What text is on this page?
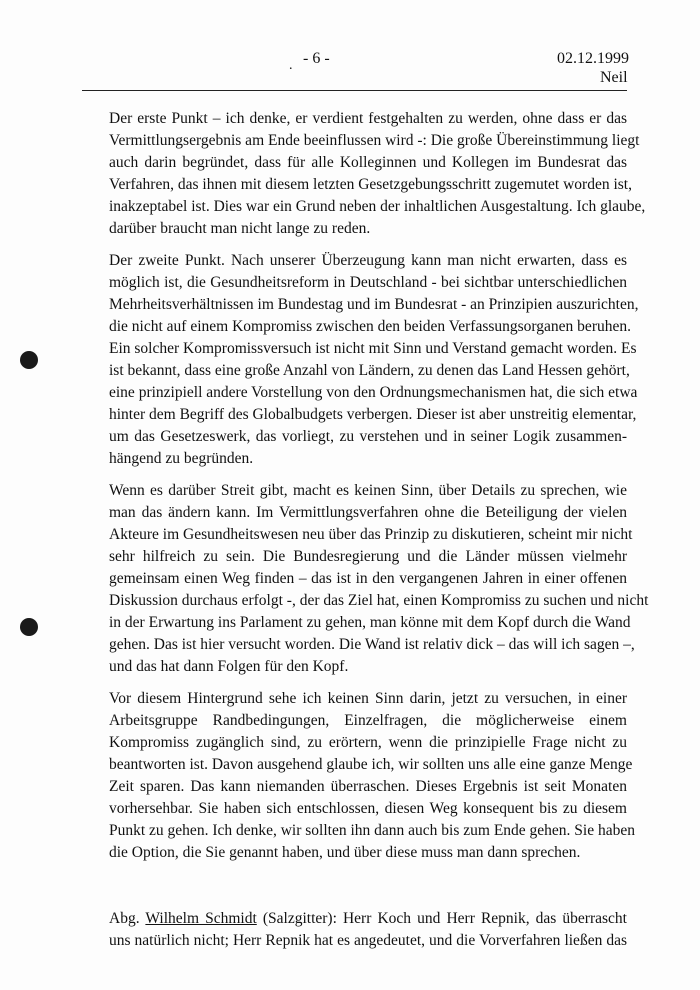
. - 6 -	02.12.1999
Neil

Der erste Punkt – ich denke, er verdient festgehalten zu werden, ohne dass er das
Vermittlungsergebnis am Ende beeinflussen wird -: Die große Übereinstimmung liegt
auch darin begründet, dass für alle Kolleginnen und Kollegen im Bundesrat das
Verfahren, das ihnen mit diesem letzten Gesetzgebungsschritt zugemutet worden ist,
inakzeptabel ist. Dies war ein Grund neben der inhaltlichen Ausgestaltung. Ich glaube,
darüber braucht man nicht lange zu reden.

Der zweite Punkt. Nach unserer Überzeugung kann man nicht erwarten, dass es
möglich ist, die Gesundheitsreform in Deutschland - bei sichtbar unterschiedlichen
Mehrheitsverhältnissen im Bundestag und im Bundesrat - an Prinzipien auszurichten,
die nicht auf einem Kompromiss zwischen den beiden Verfassungsorganen beruhen.
Ein solcher Kompromissversuch ist nicht mit Sinn und Verstand gemacht worden. Es
ist bekannt, dass eine große Anzahl von Ländern, zu denen das Land Hessen gehört,
eine prinzipiell andere Vorstellung von den Ordnungsmechanismen hat, die sich etwa
hinter dem Begriff des Globalbudgets verbergen. Dieser ist aber unstreitig elementar,
um das Gesetzeswerk, das vorliegt, zu verstehen und in seiner Logik zusammen-
hängend zu begründen.

Wenn es darüber Streit gibt, macht es keinen Sinn, über Details zu sprechen, wie
man das ändern kann. Im Vermittlungsverfahren ohne die Beteiligung der vielen
Akteure im Gesundheitswesen neu über das Prinzip zu diskutieren, scheint mir nicht
sehr hilfreich zu sein. Die Bundesregierung und die Länder müssen vielmehr
gemeinsam einen Weg finden – das ist in den vergangenen Jahren in einer offenen
Diskussion durchaus erfolgt -, der das Ziel hat, einen Kompromiss zu suchen und nicht
in der Erwartung ins Parlament zu gehen, man könne mit dem Kopf durch die Wand
gehen. Das ist hier versucht worden. Die Wand ist relativ dick – das will ich sagen –,
und das hat dann Folgen für den Kopf.

Vor diesem Hintergrund sehe ich keinen Sinn darin, jetzt zu versuchen, in einer
Arbeitsgruppe Randbedingungen, Einzelfragen, die möglicherweise einem
Kompromiss zugänglich sind, zu erörtern, wenn die prinzipielle Frage nicht zu
beantworten ist. Davon ausgehend glaube ich, wir sollten uns alle eine ganze Menge
Zeit sparen. Das kann niemanden überraschen. Dieses Ergebnis ist seit Monaten
vorhersehbar. Sie haben sich entschlossen, diesen Weg konsequent bis zu diesem
Punkt zu gehen. Ich denke, wir sollten ihn dann auch bis zum Ende gehen. Sie haben
die Option, die Sie genannt haben, und über diese muss man dann sprechen.

Abg. Wilhelm Schmidt (Salzgitter): Herr Koch und Herr Repnik, das überrascht
uns natürlich nicht; Herr Repnik hat es angedeutet, und die Vorverfahren ließen das
